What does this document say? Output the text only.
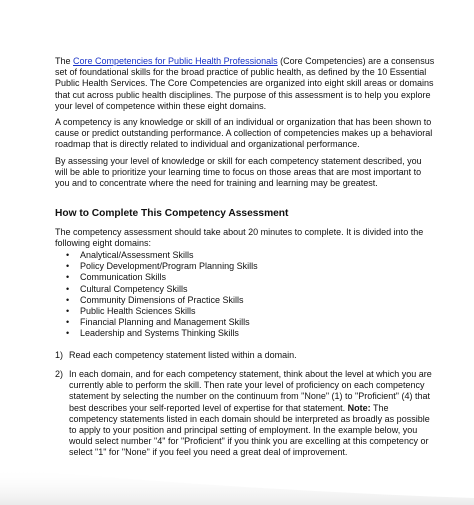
The Core Competencies for Public Health Professionals (Core Competencies) are a consensus set of foundational skills for the broad practice of public health, as defined by the 10 Essential Public Health Services. The Core Competencies are organized into eight skill areas or domains that cut across public health disciplines. The purpose of this assessment is to help you explore your level of competence within these eight domains.

A competency is any knowledge or skill of an individual or organization that has been shown to cause or predict outstanding performance. A collection of competencies makes up a behavioral roadmap that is directly related to individual and organizational performance.

By assessing your level of knowledge or skill for each competency statement described, you will be able to prioritize your learning time to focus on those areas that are most important to you and to concentrate where the need for training and learning may be greatest.

How to Complete This Competency Assessment

The competency assessment should take about 20 minutes to complete. It is divided into the following eight domains:

• Analytical/Assessment Skills
• Policy Development/Program Planning Skills
• Communication Skills
• Cultural Competency Skills
• Community Dimensions of Practice Skills
• Public Health Sciences Skills
• Financial Planning and Management Skills
• Leadership and Systems Thinking Skills
1) Read each competency statement listed within a domain.
2) In each domain, and for each competency statement, think about the level at which you are currently able to perform the skill. Then rate your level of proficiency on each competency statement by selecting the number on the continuum from "None" (1) to "Proficient" (4) that best describes your self-reported level of expertise for that statement. Note: The competency statements listed in each domain should be interpreted as broadly as possible to apply to your position and principal setting of employment. In the example below, you would select number "4" for "Proficient" if you think you are excelling at this competency or select "1" for "None" if you feel you need a great deal of improvement.
